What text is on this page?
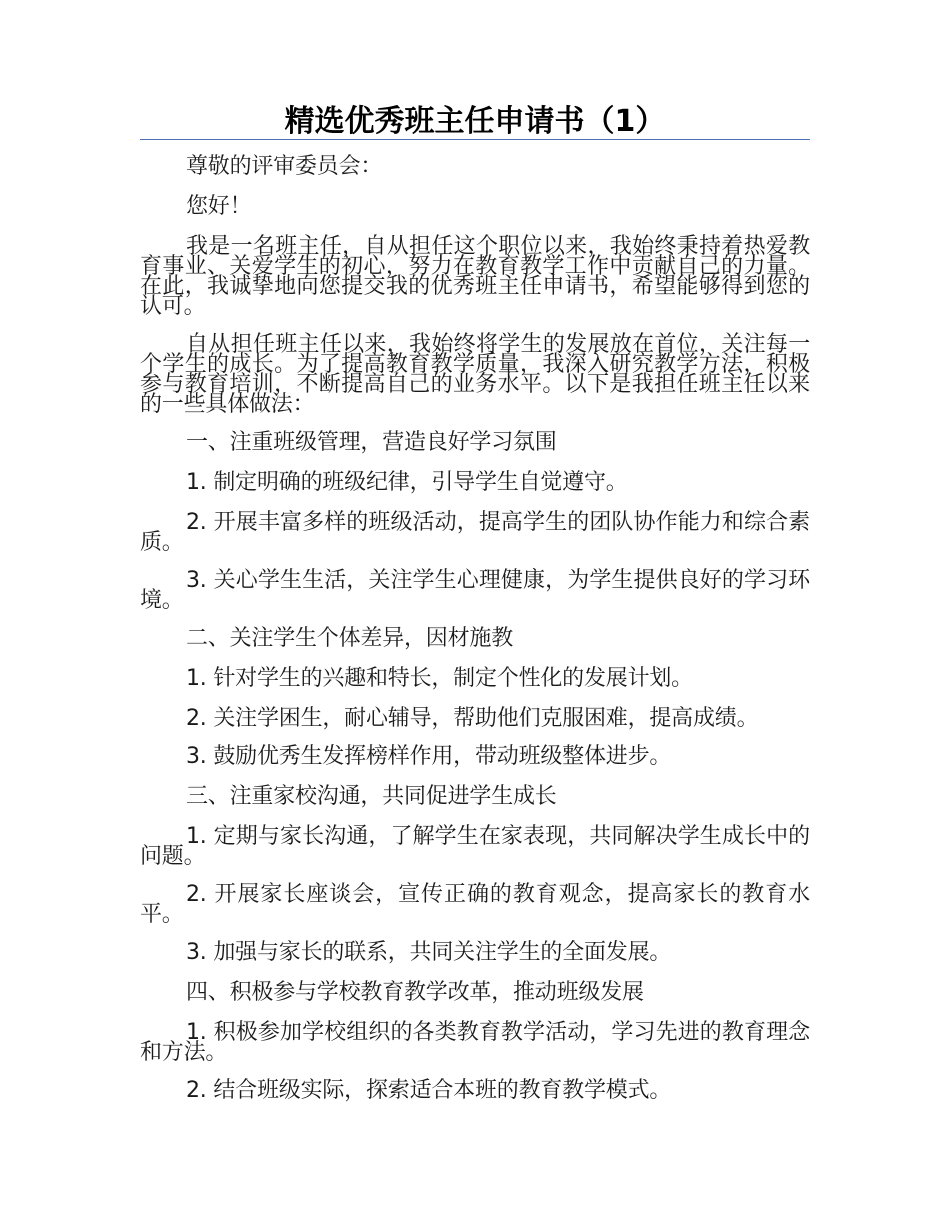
精选优秀班主任申请书（1）

尊敬的评审委员会：

您好！

我是一名班主任，自从担任这个职位以来，我始终秉持着热爱教育事业、关爱学生的初心，努力在教育教学工作中贡献自己的力量。在此，我诚挚地向您提交我的优秀班主任申请书，希望能够得到您的认可。

自从担任班主任以来，我始终将学生的发展放在首位，关注每一个学生的成长。为了提高教育教学质量，我深入研究教学方法，积极参与教育培训，不断提高自己的业务水平。以下是我担任班主任以来的一些具体做法：

一、注重班级管理，营造良好学习氛围

1. 制定明确的班级纪律，引导学生自觉遵守。

2. 开展丰富多样的班级活动，提高学生的团队协作能力和综合素质。

3. 关心学生生活，关注学生心理健康，为学生提供良好的学习环境。

二、关注学生个体差异，因材施教

1. 针对学生的兴趣和特长，制定个性化的发展计划。

2. 关注学困生，耐心辅导，帮助他们克服困难，提高成绩。

3. 鼓励优秀生发挥榜样作用，带动班级整体进步。

三、注重家校沟通，共同促进学生成长

1. 定期与家长沟通，了解学生在家表现，共同解决学生成长中的问题。

2. 开展家长座谈会，宣传正确的教育观念，提高家长的教育水平。

3. 加强与家长的联系，共同关注学生的全面发展。

四、积极参与学校教育教学改革，推动班级发展

1. 积极参加学校组织的各类教育教学活动，学习先进的教育理念和方法。

2. 结合班级实际，探索适合本班的教育教学模式。
